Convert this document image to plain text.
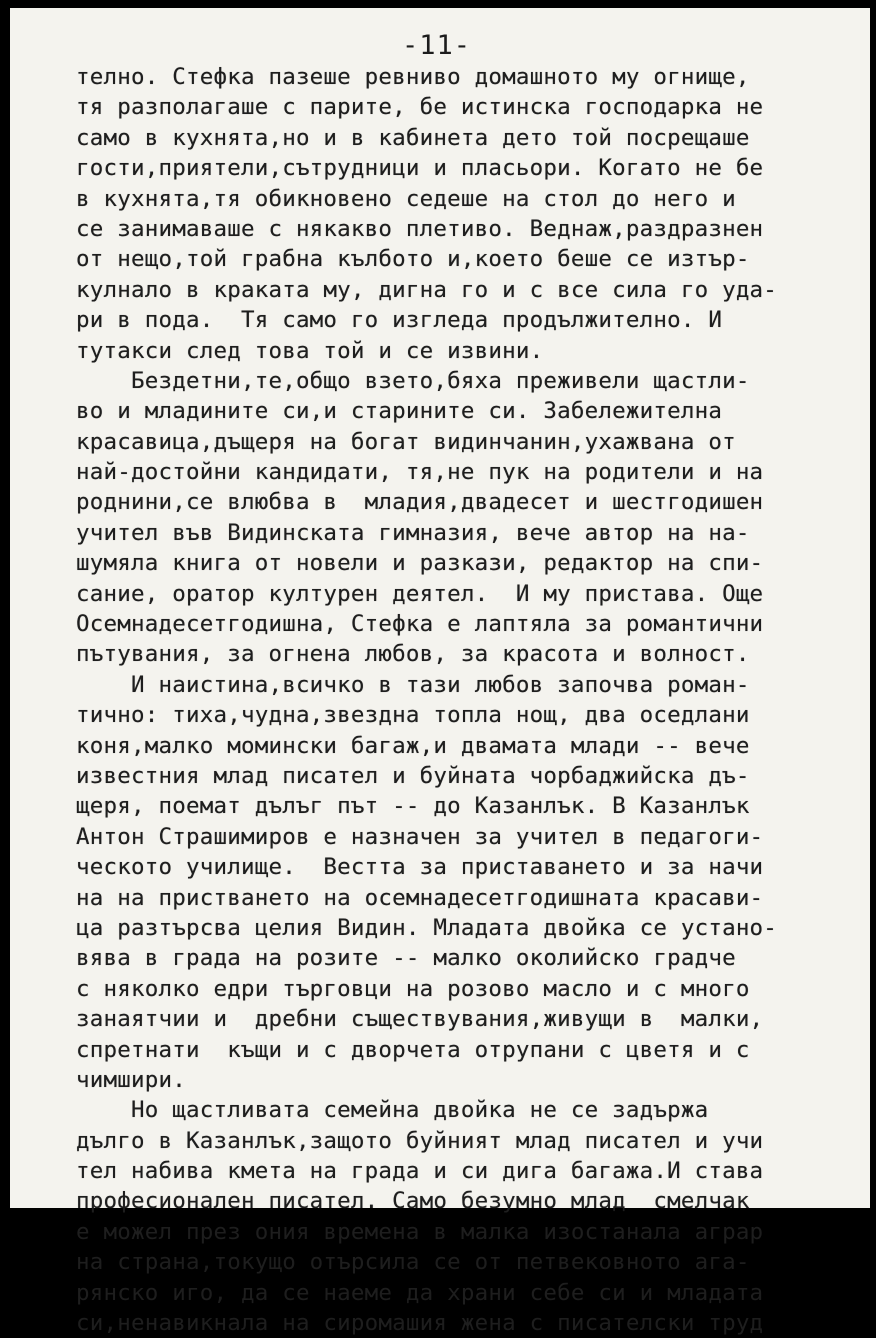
-11-
телно. Стефка пазеше ревниво домашното му огнище,
тя разполагаше с парите, бе истинска господарка не
само в кухнята,но и в кабинета дето той посрещаше
гости,приятели,сътрудници и пласьори. Когато не бе
в кухнята,тя обикновено седеше на стол до него и
се занимаваше с някакво плетиво. Веднаж,раздразнен
от нещо,той грабна кълбото и,което беше се изтър-
кулнало в краката му, дигна го и с все сила го уда-
ри в пода.  Тя само го изгледа продължително. И
тутакси след това той и се извини.
Бездетни,те,общо взето,бяха преживели щастли-
во и младините си,и старините си. Забележителна
красавица,дъщеря на богат видинчанин,ухажвана от
най-достойни кандидати, тя,не пук на родители и на
роднини,се влюбва в  младия,двадесет и шестгодишен
учител във Видинската гимназия, вече автор на на-
шумяла книга от новели и разкази, редактор на спи-
сание, оратор културен деятел.  И му пристава. Още
Осемнадесетгодишна, Стефка е лаптяла за романтични
пътувания, за огнена любов, за красота и волност.
И наистина,всичко в тази любов започва роман-
тично: тиха,чудна,звездна топла нощ, два оседлани
коня,малко момински багаж,и двамата млади -- вече
известния млад писател и буйната чорбаджийска дъ-
щеря, поемат дълъг път -- до Казанлък. В Казанлък
Антон Страшимиров е назначен за учител в педагоги-
ческото училище.  Вестта за приставането и за начи
на на пристването на осемнадесетгодишната красави-
ца разтърсва целия Видин. Младата двойка се устано-
вява в града на розите -- малко околийско градче
с няколко едри търговци на розово масло и с много
занаятчии и  дребни съществувания,живущи в  малки,
спретнати  къщи и с дворчета отрупани с цветя и с
чимшири.
Но щастливата семейна двойка не се задържа
дълго в Казанлък,защото буйният млад писател и учи
тел набива кмета на града и си дига багажа.И става
професионален писател. Само безумно млад  смелчак
е можел през ония времена в малка изостанала аграр
на страна,токущо отърсила се от петвековното ага-
рянско иго, да се наеме да храни себе си и младата
си,ненавикнала на сиромашия жена с писателски труд
